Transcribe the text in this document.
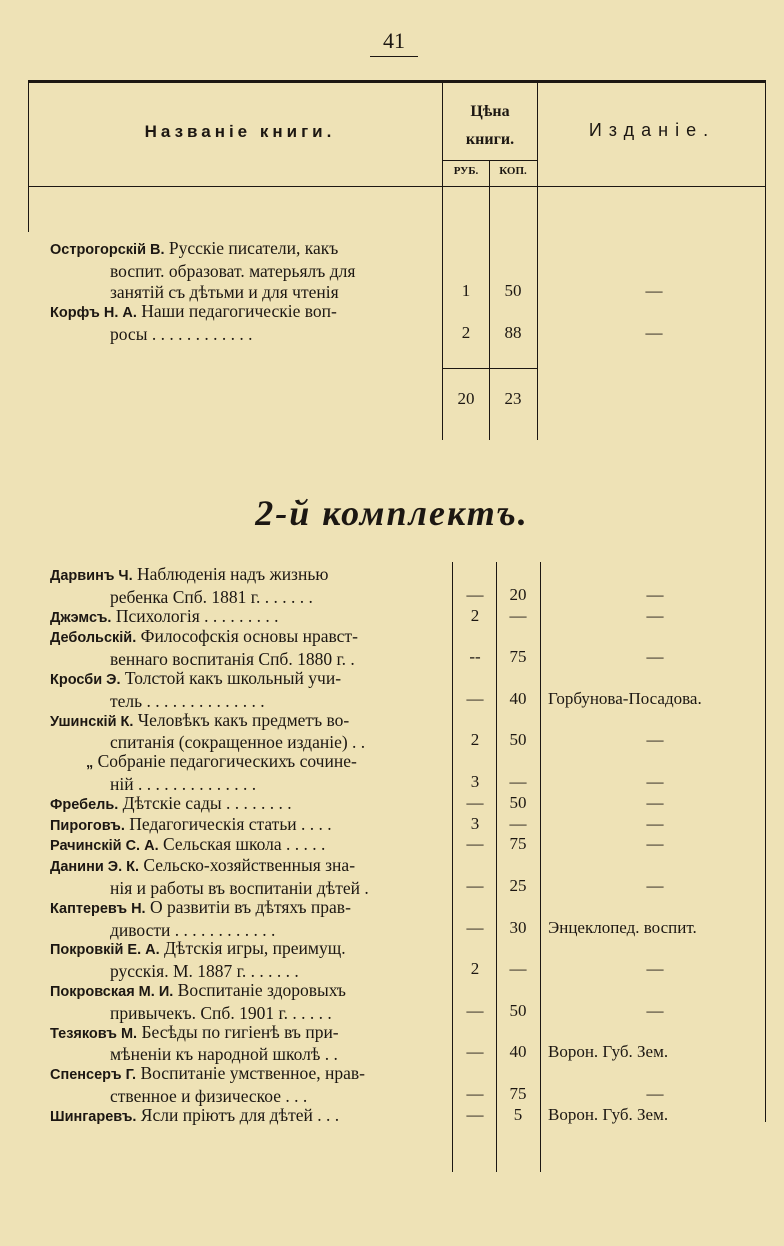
41
Названіе книги.
Цѣна
книги.
РУБ.	КОП.
Изданіе.
Острогорскій В. Русскіе писатели, какъ
воспит. образоват. матерьялъ для
занятій съ дѣтьми и для чтенія	1	50	—
Корфъ Н. А. Наши педагогическіе воп-
росы . . . . . . . . . . . .	2	88	—
20	23
2-й комплектъ.
Дарвинъ Ч. Наблюденія надъ жизнью
ребенка Спб. 1881 г. . . . . . .	—	20	—
Джэмсъ. Психологія . . . . . . . . .	2	—	—
Дебольскій. Философскія основы нравст-
веннаго воспитанія Спб. 1880 г. .	--	75	—
Кросби Э. Толстой какъ школьный учи-
тель . . . . . . . . . . . . . .	—	40	Горбунова-Посадова.
Ушинскій К. Человѣкъ какъ предметъ во-
спитанія (сокращенное изданіе) . .	2	50	—
„ Собраніе педагогическихъ сочине-
ній . . . . . . . . . . . . . .	3	—	—
Фребель. Дѣтскіе сады . . . . . . . .	—	50	—
Пироговъ. Педагогическія статьи . . . .	3	—	—
Рачинскій С. А. Сельская школа . . . . .	—	75	—
Данини Э. К. Сельско-хозяйственныя зна-
нія и работы въ воспитаніи дѣтей .	—	25	—
Каптеревъ Н. О развитіи въ дѣтяхъ прав-
дивости . . . . . . . . . . . .	—	30	Энцеклопед. воспит.
Покровкій Е. А. Дѣтскія игры, преимущ.
русскія. М. 1887 г. . . . . . .	2	—	—
Покровская М. И. Воспитаніе здоровыхъ
привычекъ. Спб. 1901 г. . . . . .	—	50	—
Тезяковъ М. Бесѣды по гигіенѣ въ при-
мѣненіи къ народной школѣ . .	—	40	Ворон. Губ. Зем.
Спенсеръ Г. Воспитаніе умственное, нрав-
ственное и физическое . . .	—	75	—
Шингаревъ. Ясли пріютъ для дѣтей . . .	—	5	Ворон. Губ. Зем.
